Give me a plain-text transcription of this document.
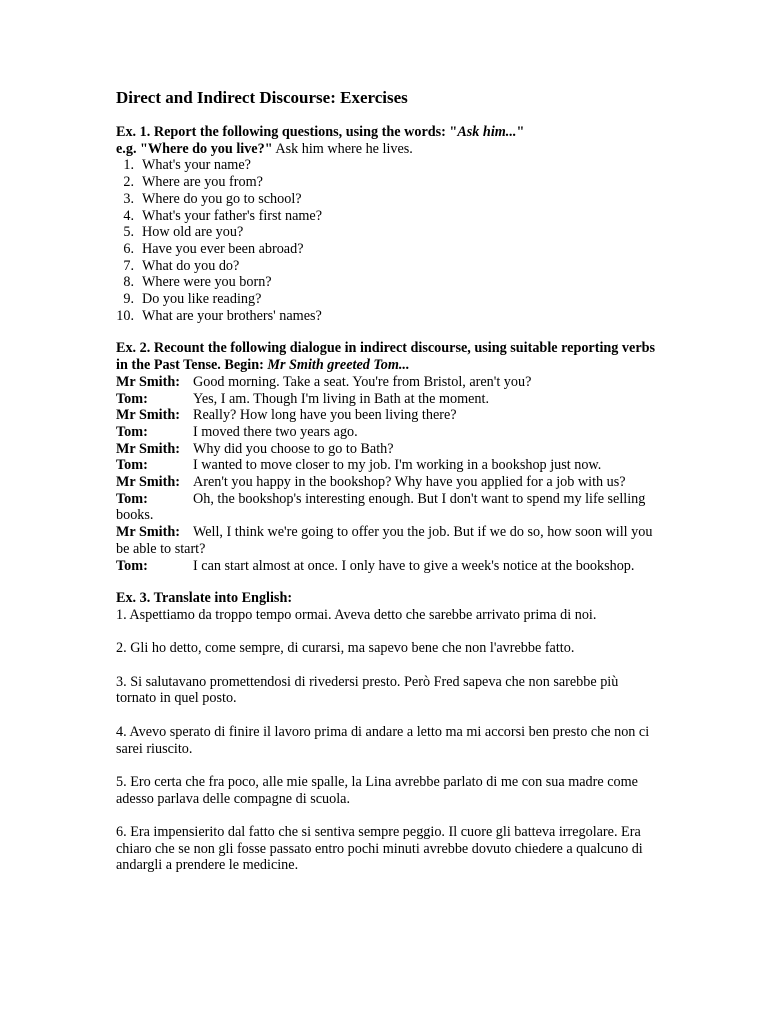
Direct and Indirect Discourse: Exercises

Ex. 1. Report the following questions, using the words: "Ask him..."

e.g. "Where do you live?" Ask him where he lives.

1. What's your name?
2. Where are you from?
3. Where do you go to school?
4. What's your father's first name?
5. How old are you?
6. Have you ever been abroad?
7. What do you do?
8. Where were you born?
9. Do you like reading?
10. What are your brothers' names?

Ex. 2. Recount the following dialogue in indirect discourse, using suitable reporting verbs in the Past Tense. Begin: Mr Smith greeted Tom...

Mr Smith: Good morning. Take a seat. You're from Bristol, aren't you?

Tom:	Yes, I am. Though I'm living in Bath at the moment.

Mr Smith: Really? How long have you been living there?

Tom:	I moved there two years ago.

Mr Smith: Why did you choose to go to Bath?

Tom:	I wanted to move closer to my job. I'm working in a bookshop just now.

Mr Smith: Aren't you happy in the bookshop? Why have you applied for a job with us?

Tom:	Oh, the bookshop's interesting enough. But I don't want to spend my life selling books.

Mr Smith: Well, I think we're going to offer you the job. But if we do so, how soon will you be able to start?

Tom:	I can start almost at once. I only have to give a week's notice at the bookshop.

Ex. 3. Translate into English:

1. Aspettiamo da troppo tempo ormai. Aveva detto che sarebbe arrivato prima di noi.

2. Gli ho detto, come sempre, di curarsi, ma sapevo bene che non l'avrebbe fatto.

3. Si salutavano promettendosi di rivedersi presto. Però Fred sapeva che non sarebbe più tornato in quel posto.

4. Avevo sperato di finire il lavoro prima di andare a letto ma mi accorsi ben presto che non ci sarei riuscito.

5. Ero certa che fra poco, alle mie spalle, la Lina avrebbe parlato di me con sua madre come adesso parlava delle compagne di scuola.

6. Era impensierito dal fatto che si sentiva sempre peggio. Il cuore gli batteva irregolare. Era chiaro che se non gli fosse passato entro pochi minuti avrebbe dovuto chiedere a qualcuno di andargli a prendere le medicine.
